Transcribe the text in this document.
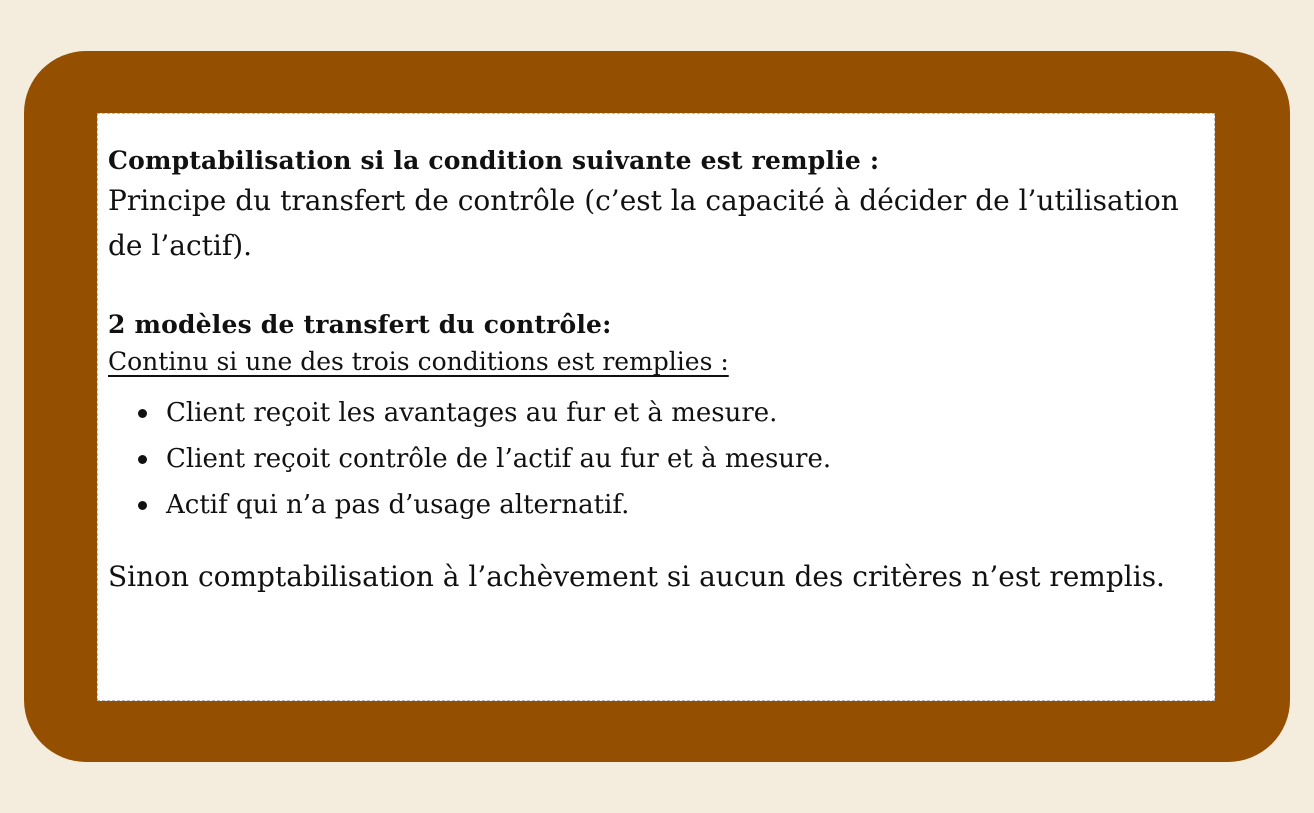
Comptabilisation si la condition suivante est remplie :

Principe du transfert de contrôle (c’est la capacité à décider de l’utilisation de l’actif).

2 modèles de transfert du contrôle:

Continu si une des trois conditions est remplies :

Client reçoit les avantages au fur et à mesure.
Client reçoit contrôle de l’actif au fur et à mesure.
Actif qui n’a pas d’usage alternatif.

Sinon comptabilisation à l’achèvement si aucun des critères n’est remplis.
